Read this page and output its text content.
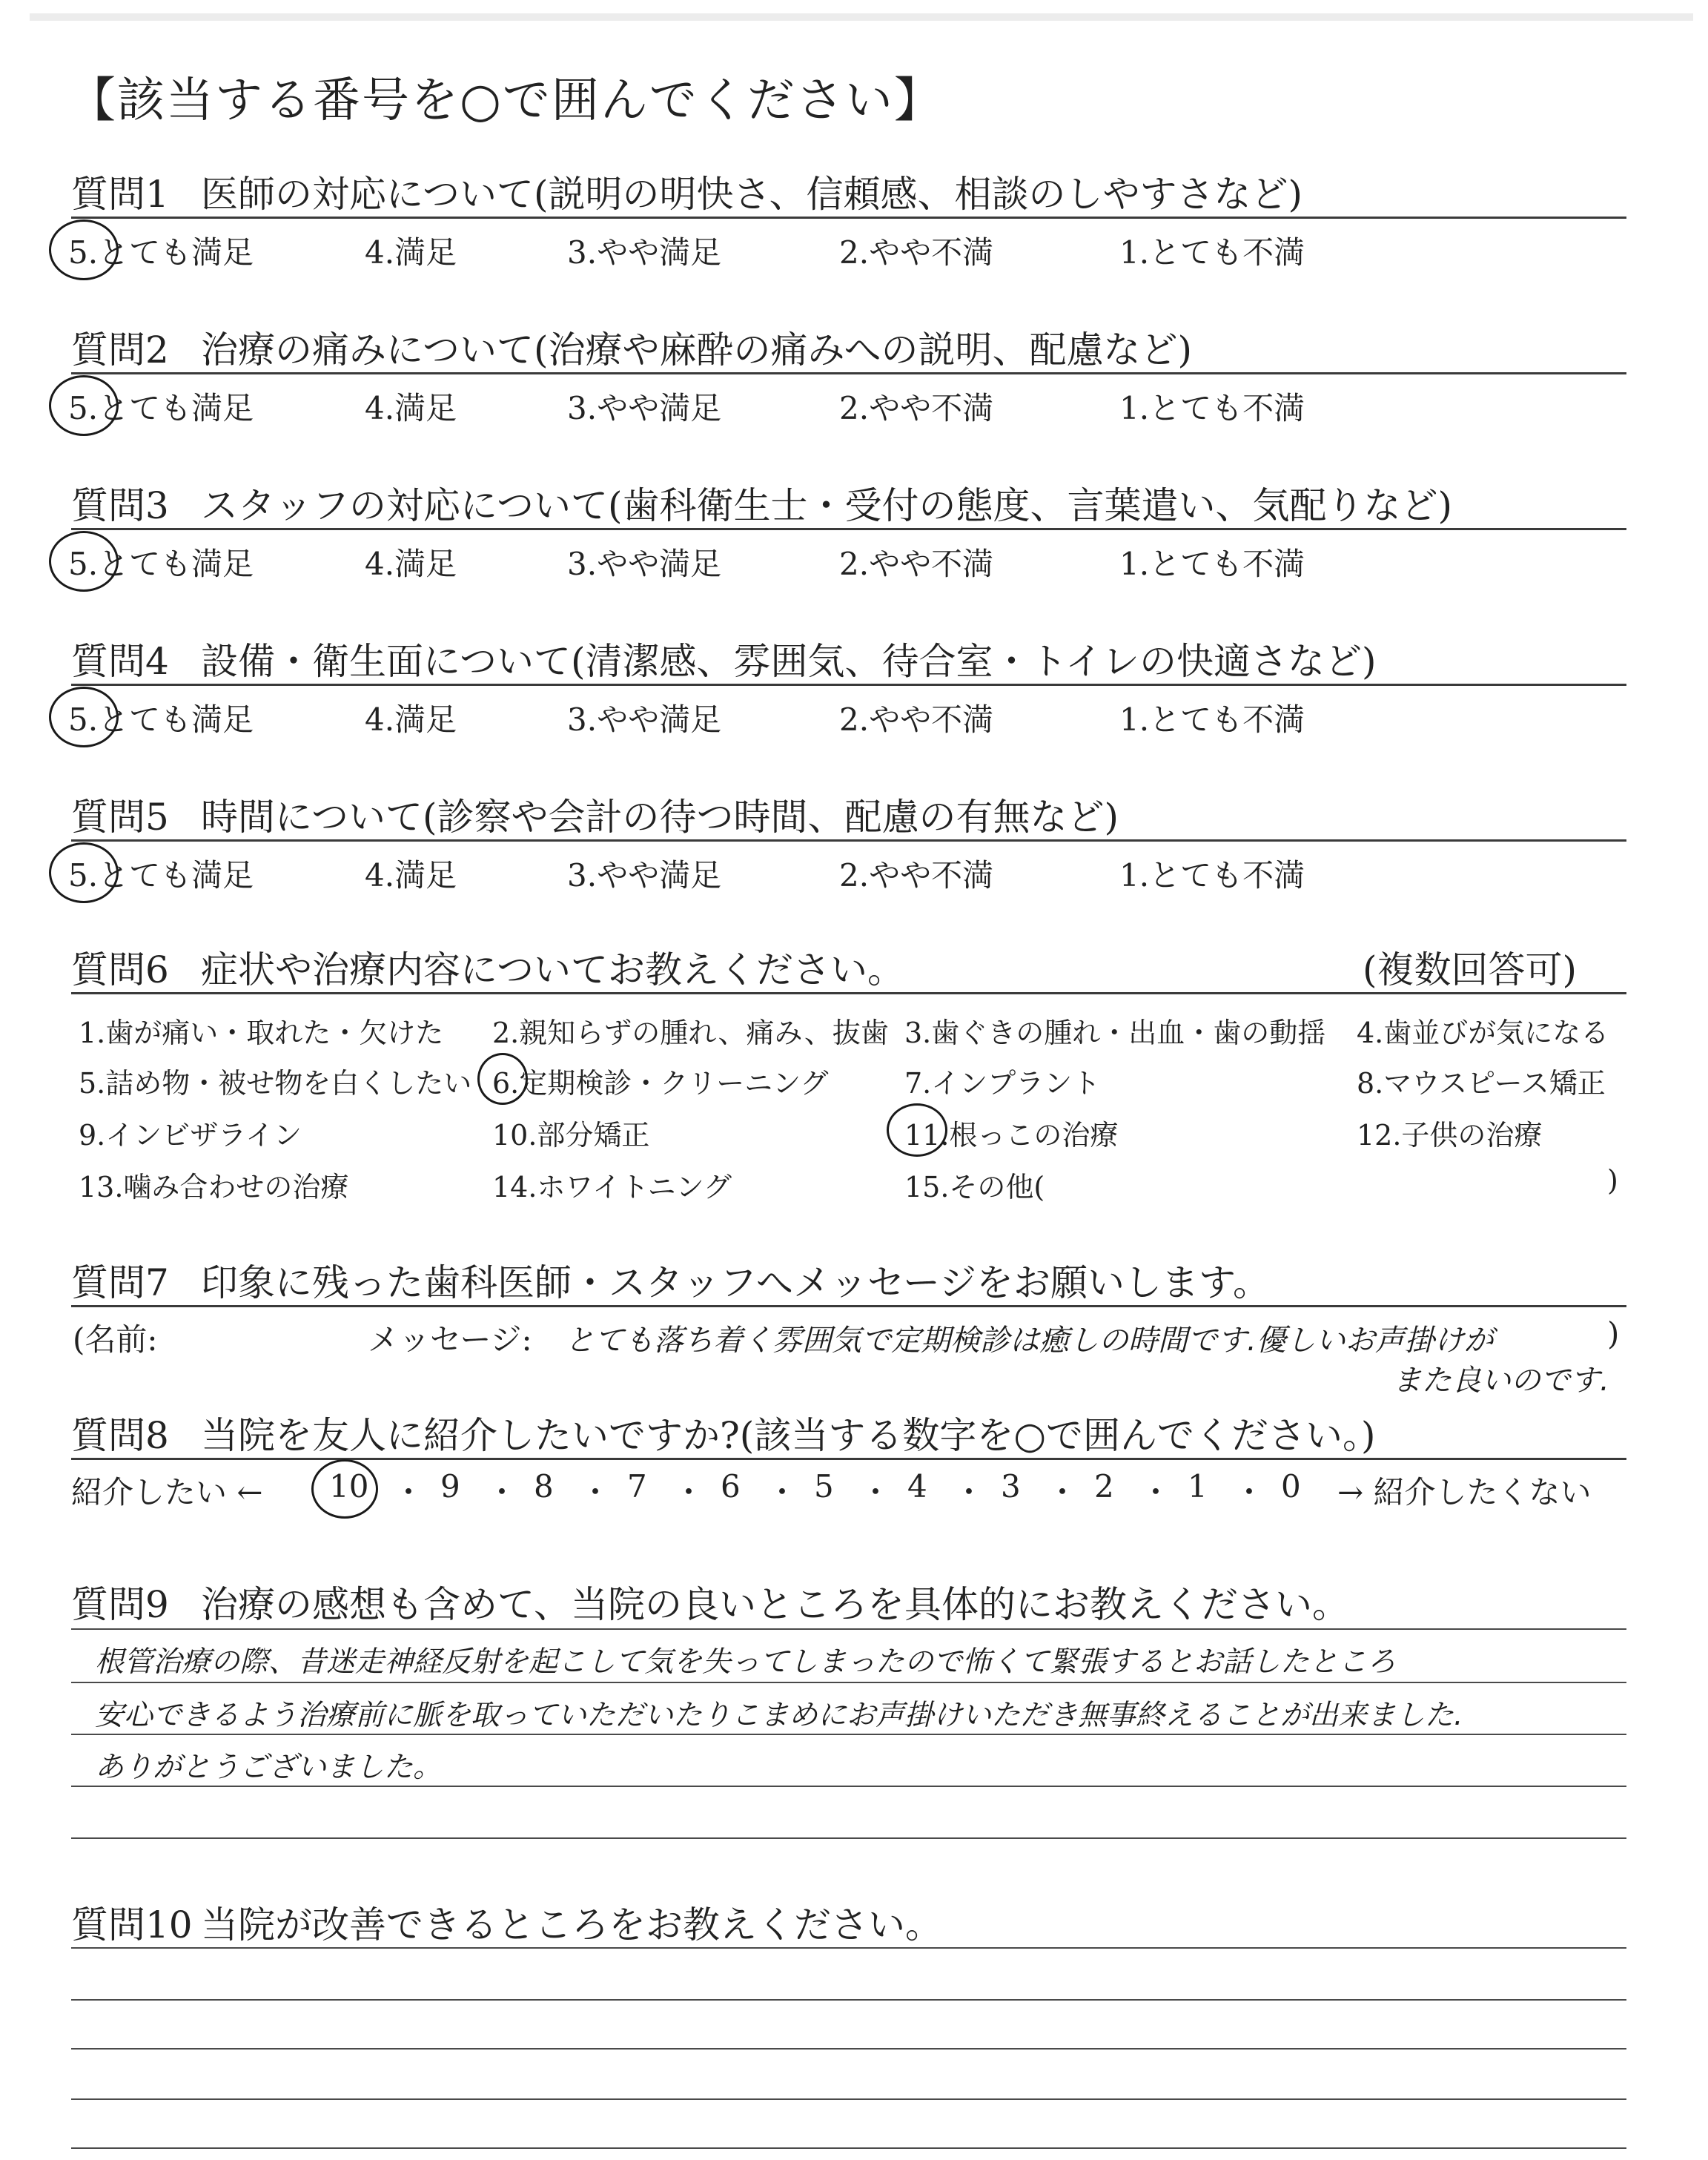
【該当する番号を○で囲んでください】
質問1 医師の対応について(説明の明快さ、信頼感、相談のしやすさなど)
5.とても満足	4.満足	3.やや満足	2.やや不満	1.とても不満
質問2 治療の痛みについて(治療や麻酔の痛みへの説明、配慮など)
5.とても満足	4.満足	3.やや満足	2.やや不満	1.とても不満
質問3 スタッフの対応について(歯科衛生士・受付の態度、言葉遣い、気配りなど)
5.とても満足	4.満足	3.やや満足	2.やや不満	1.とても不満
質問4 設備・衛生面について(清潔感、雰囲気、待合室・トイレの快適さなど)
5.とても満足	4.満足	3.やや満足	2.やや不満	1.とても不満
質問5 時間について(診察や会計の待つ時間、配慮の有無など)
5.とても満足	4.満足	3.やや満足	2.やや不満	1.とても不満
質問6 症状や治療内容についてお教えください。	(複数回答可)
1.歯が痛い・取れた・欠けた 2.親知らずの腫れ、痛み、抜歯 3.歯ぐきの腫れ・出血・歯の動揺 4.歯並びが気になる
5.詰め物・被せ物を白くしたい 6.定期検診・クリーニング	7.インプラント	8.マウスピース矯正
9.インビザライン	10.部分矯正	11.根っこの治療	12.子供の治療
13.噛み合わせの治療	14.ホワイトニング	15.その他(	)
質問7 印象に残った歯科医師・スタッフへメッセージをお願いします。
(名前:	メッセージ: とても落ち着く雰囲気で定期検診は癒しの時間です.優しいお声掛けが
また良いのです.
)
質問8 当院を友人に紹介したいですか?(該当する数字を○で囲んでください。)
紹介したい ← 10 ・ 9 ・ 8 ・ 7 ・ 6 ・ 5 ・ 4 ・ 3 ・ 2 ・ 1 ・ 0 → 紹介したくない
質問9 治療の感想も含めて、当院の良いところを具体的にお教えください。
根管治療の際、昔迷走神経反射を起こして気を失ってしまったので怖くて緊張するとお話したところ
安心できるよう治療前に脈を取っていただいたりこまめにお声掛けいただき無事終えることが出来ました.
ありがとうございました。
質問10 当院が改善できるところをお教えください。
